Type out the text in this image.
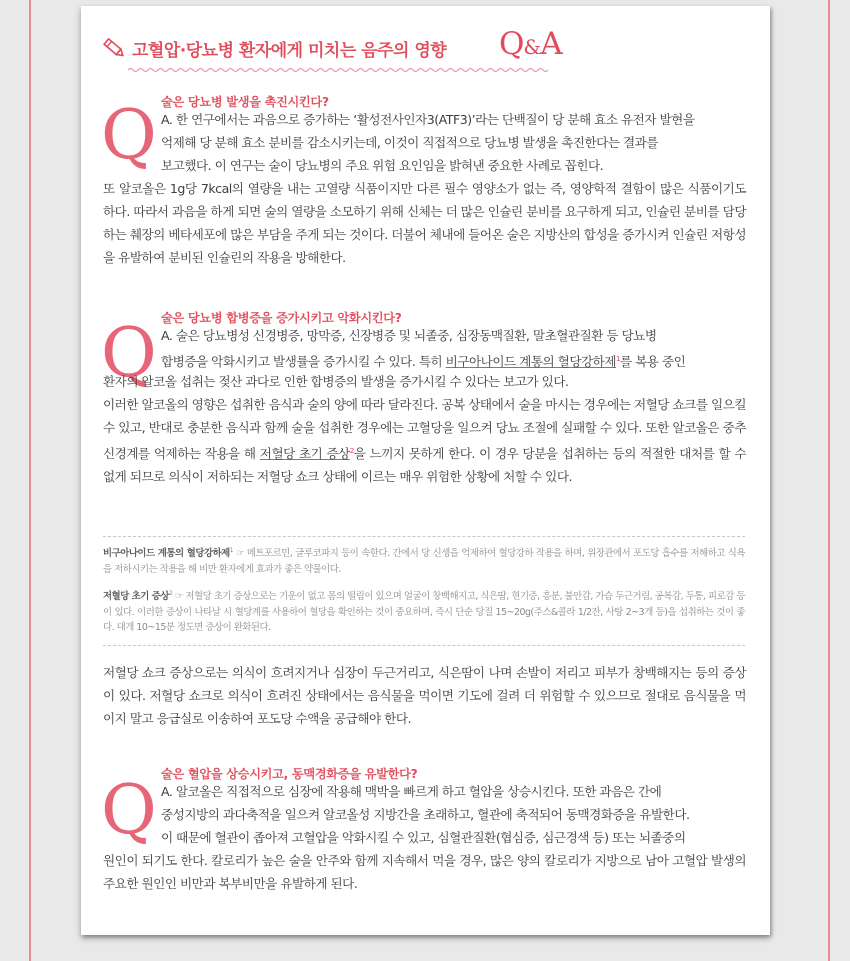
고혈압·당뇨병 환자에게 미치는 음주의 영향 Q&A
Q 술은 당뇨병 발생을 촉진시킨다?
A. 한 연구에서는 과음으로 증가하는 ‘활성전사인자3(ATF3)’라는 단백질이 당 분해 효소 유전자 발현을
억제해 당 분해 효소 분비를 감소시키는데, 이것이 직접적으로 당뇨병 발생을 촉진한다는 결과를
보고했다. 이 연구는 술이 당뇨병의 주요 위험 요인임을 밝혀낸 중요한 사례로 꼽힌다.
또 알코올은 1g당 7kcal의 열량을 내는 고열량 식품이지만 다른 필수 영양소가 없는 즉, 영양학적 결함이 많은 식품이기도 하다. 따라서 과음을 하게 되면 술의 열량을 소모하기 위해 신체는 더 많은 인슐린 분비를 요구하게 되고, 인슐린 분비를 담당하는 췌장의 베타세포에 많은 부담을 주게 되는 것이다. 더불어 체내에 들어온 술은 지방산의 합성을 증가시켜 인슐린 저항성을 유발하여 분비된 인슐린의 작용을 방해한다.
Q 술은 당뇨병 합병증을 증가시키고 악화시킨다?
A. 술은 당뇨병성 신경병증, 망막증, 신장병증 및 뇌졸중, 심장동맥질환, 말초혈관질환 등 당뇨병
합병증을 악화시키고 발생률을 증가시킬 수 있다. 특히 비구아나이드 계통의 혈당강하제$^1$를 복용 중인
환자의 알코올 섭취는 젖산 과다로 인한 합병증의 발생을 증가시킬 수 있다는 보고가 있다.
이러한 알코올의 영향은 섭취한 음식과 술의 양에 따라 달라진다. 공복 상태에서 술을 마시는 경우에는 저혈당 쇼크를 일으킬 수 있고, 반대로 충분한 음식과 함께 술을 섭취한 경우에는 고혈당을 일으켜 당뇨 조절에 실패할 수 있다. 또한 알코올은 중추신경계를 억제하는 작용을 해 저혈당 초기 증상$^2$을 느끼지 못하게 한다. 이 경우 당분을 섭취하는 등의 적절한 대처를 할 수 없게 되므로 의식이 저하되는 저혈당 쇼크 상태에 이르는 매우 위험한 상황에 처할 수 있다.
비구아나이드 계통의 혈당강하제$^1$ ☞ 메트포르민, 글루코파지 등이 속한다. 간에서 당 신생을 억제하여 혈당강하 작용을 하며, 위장관에서 포도당 흡수를 저해하고 식욕을 저하시키는 작용을 해 비만 환자에게 효과가 좋은 약물이다.
저혈당 초기 증상$^2$ ☞ 저혈당 초기 증상으로는 기운이 없고 몸의 떨림이 있으며 얼굴이 창백해지고, 식은땀, 현기증, 흥분, 불안감, 가슴 두근거림, 공복감, 두통, 피로감 등이 있다. 이러한 증상이 나타날 시 혈당계를 사용하여 혈당을 확인하는 것이 중요하며, 즉시 단순 당질 15~20g(주스&콜라 1/2잔, 사탕 2~3개 등)을 섭취하는 것이 좋다. 대개 10~15분 정도면 증상이 완화된다.
저혈당 쇼크 증상으로는 의식이 흐려지거나 심장이 두근거리고, 식은땀이 나며 손발이 저리고 피부가 창백해지는 등의 증상이 있다. 저혈당 쇼크로 의식이 흐려진 상태에서는 음식물을 먹이면 기도에 걸려 더 위험할 수 있으므로 절대로 음식물을 먹이지 말고 응급실로 이송하여 포도당 수액을 공급해야 한다.
Q 술은 혈압을 상승시키고, 동맥경화증을 유발한다?
A. 알코올은 직접적으로 심장에 작용해 맥박을 빠르게 하고 혈압을 상승시킨다. 또한 과음은 간에
중성지방의 과다축적을 일으켜 알코올성 지방간을 초래하고, 혈관에 축적되어 동맥경화증을 유발한다.
이 때문에 혈관이 좁아져 고혈압을 악화시킬 수 있고, 심혈관질환(협심증, 심근경색 등) 또는 뇌졸중의
원인이 되기도 한다. 칼로리가 높은 술을 안주와 함께 지속해서 먹을 경우, 많은 양의 칼로리가 지방으로 남아 고혈압 발생의 주요한 원인인 비만과 복부비만을 유발하게 된다.
